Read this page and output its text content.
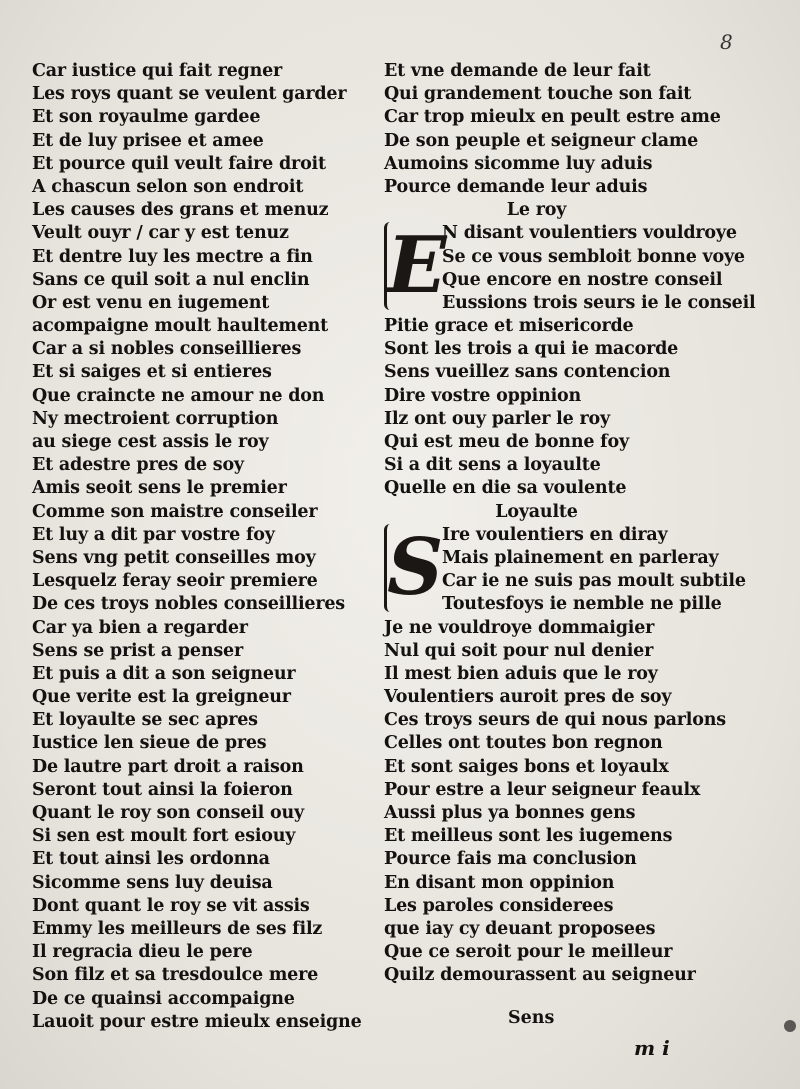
8
Car iustice qui fait regner
Les roys quant se veulent garder
Et son royaulme gardee
Et de luy prisee et amee
Et pource quil veult faire droit
A chascun selon son endroit
Les causes des grans et menuz
Veult ouyr / car y est tenuz
Et dentre luy les mectre a fin
Sans ce quil soit a nul enclin
Or est venu en iugement
acompaigne moult haultement
Car a si nobles conseillieres
Et si saiges et si entieres
Que craincte ne amour ne don
Ny mectroient corruption
au siege cest assis le roy
Et adestre pres de soy
Amis seoit sens le premier
Comme son maistre conseiler
Et luy a dit par vostre foy
Sens vng petit conseilles moy
Lesquelz feray seoir premiere
De ces troys nobles conseillieres
Car ya bien a regarder
Sens se prist a penser
Et puis a dit a son seigneur
Que verite est la greigneur
Et loyaulte se sec apres
Iustice len sieue de pres
De lautre part droit a raison
Seront tout ainsi la foieron
Quant le roy son conseil ouy
Si sen est moult fort esiouy
Et tout ainsi les ordonna
Sicomme sens luy deuisa
Dont quant le roy se vit assis
Emmy les meilleurs de ses filz
Il regracia dieu le pere
Son filz et sa tresdoulce mere
De ce quainsi accompaigne
Lauoit pour estre mieulx enseigne
Et vne demande de leur fait
Qui grandement touche son fait
Car trop mieulx en peult estre ame
De son peuple et seigneur clame
Aumoins sicomme luy aduis
Pource demande leur aduis
Le roy
E
N disant voulentiers vouldroye
Se ce vous sembloit bonne voye
Que encore en nostre conseil
Eussions trois seurs ie le conseil
Pitie grace et misericorde
Sont les trois a qui ie macorde
Sens vueillez sans contencion
Dire vostre oppinion
Ilz ont ouy parler le roy
Qui est meu de bonne foy
Si a dit sens a loyaulte
Quelle en die sa voulente
Loyaulte
S
Ire voulentiers en diray
Mais plainement en parleray
Car ie ne suis pas moult subtile
Toutesfoys ie nemble ne pille
Je ne vouldroye dommaigier
Nul qui soit pour nul denier
Il mest bien aduis que le roy
Voulentiers auroit pres de soy
Ces troys seurs de qui nous parlons
Celles ont toutes bon regnon
Et sont saiges bons et loyaulx
Pour estre a leur seigneur feaulx
Aussi plus ya bonnes gens
Et meilleus sont les iugemens
Pource fais ma conclusion
En disant mon oppinion
Les paroles considerees
que iay cy deuant proposees
Que ce seroit pour le meilleur
Quilz demourassent au seigneur
Sens
m i
